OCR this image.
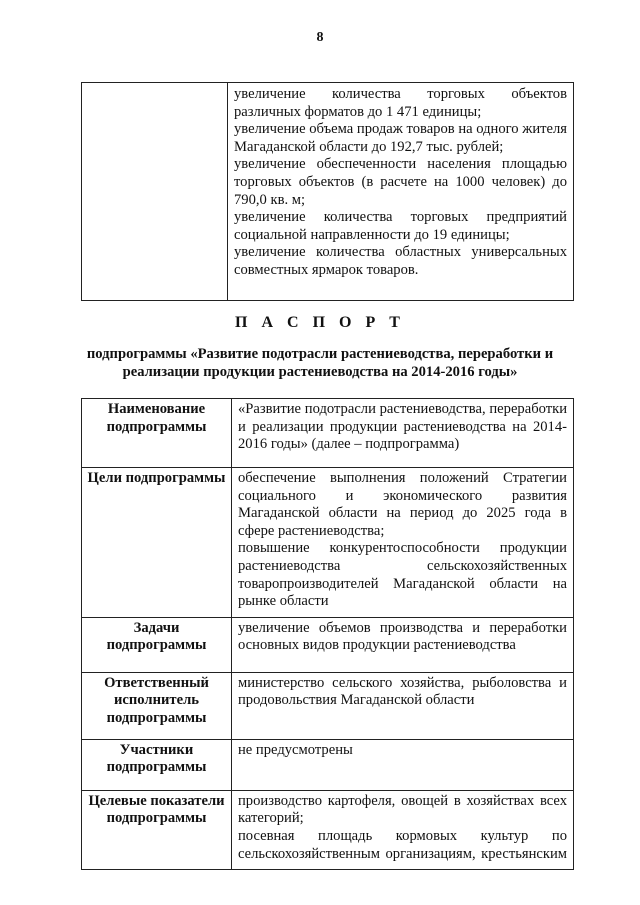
8

увеличение количества торговых объектов различных форматов до 1 471 единицы;

увеличение объема продаж товаров на одного жителя Магаданской области до 192,7 тыс. рублей;

увеличение обеспеченности населения площадью торговых объектов (в расчете на 1000 человек) до 790,0 кв. м;

увеличение количества торговых предприятий социальной направленности до 19 единицы;

увеличение количества областных универсальных совместных ярмарок товаров.

П А С П О Р Т
подпрограммы «Развитие подотрасли растениеводства, переработки и реализации продукции растениеводства на 2014-2016 годы»
Наименование подпрограммы	«Развитие подотрасли растениеводства, переработки и реализации продукции растениеводства на 2014-2016 годы» (далее – подпрограмма)

Цели подпрограммы	обеспечение выполнения положений Стратегии социального и экономического развития Магаданской области на период до 2025 года в сфере растениеводства;

повышение конкурентоспособности продукции растениеводства сельскохозяйственных товаропроизводителей Магаданской области на рынке области

Задачи подпрограммы	увеличение объемов производства и переработки основных видов продукции растениеводства

Ответственный исполнитель подпрограммы	министерство сельского хозяйства, рыболовства и продовольствия Магаданской области

Участники подпрограммы	не предусмотрены

Целевые показатели подпрограммы	производство картофеля, овощей в хозяйствах всех категорий;

посевная площадь кормовых культур по сельскохозяйственным организациям, крестьянским
